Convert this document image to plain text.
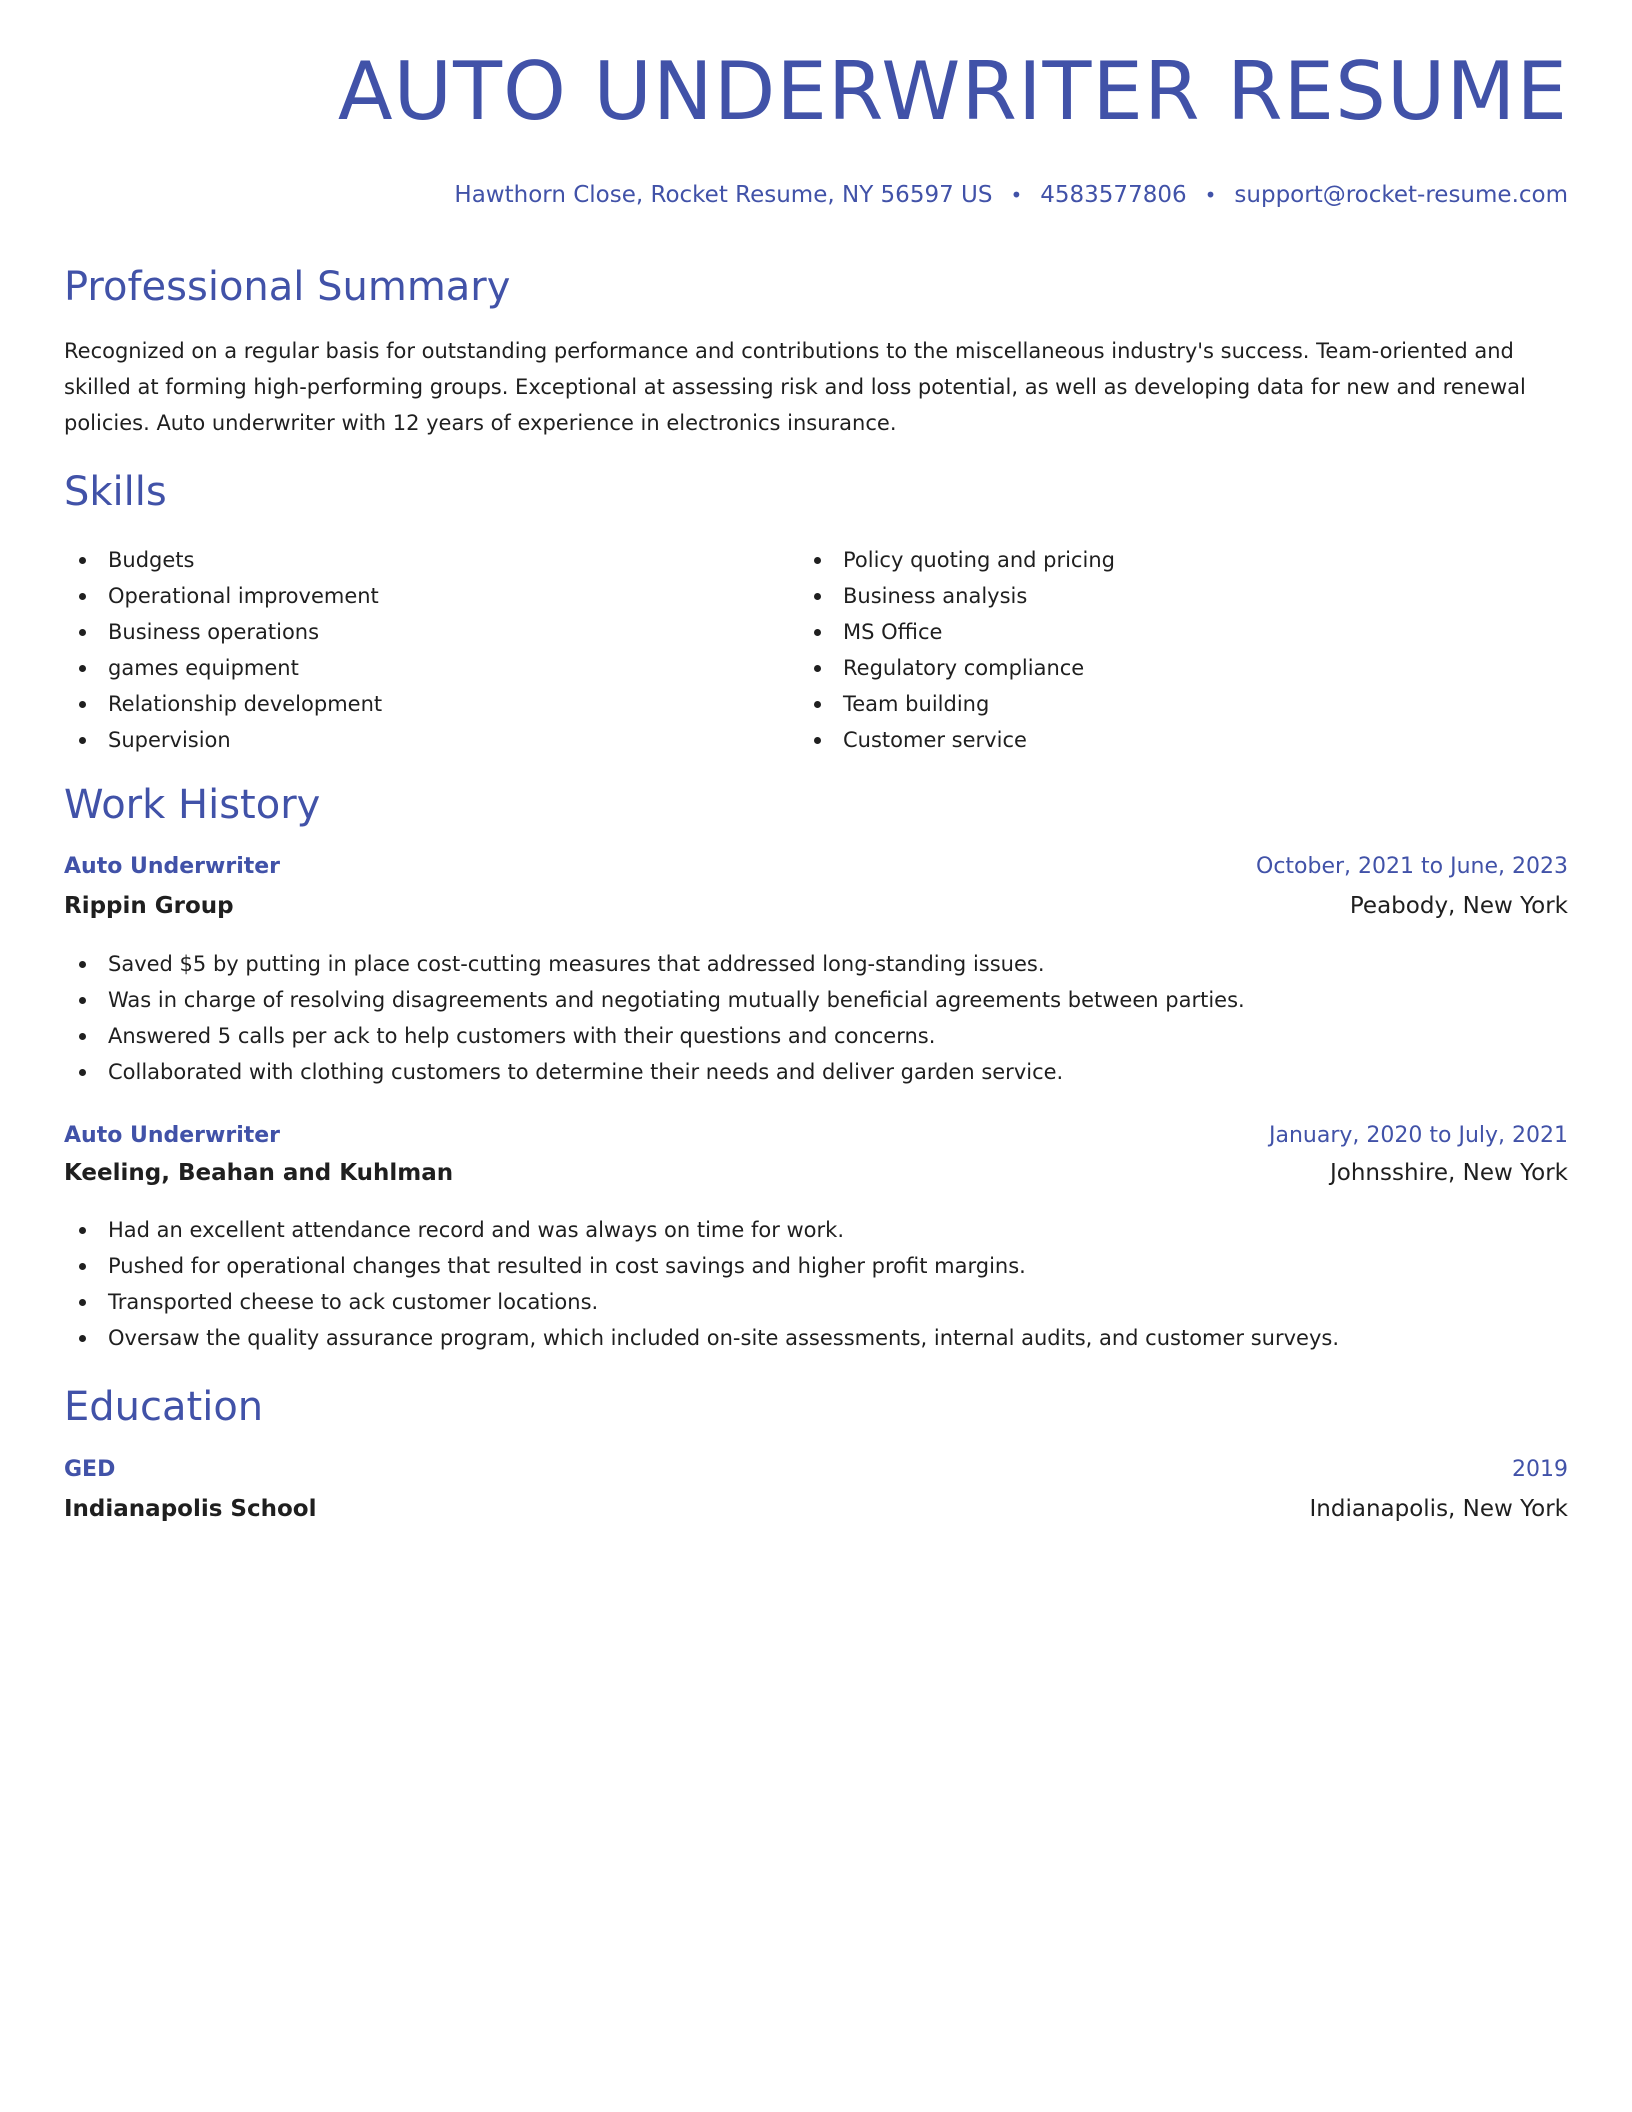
AUTO UNDERWRITER RESUME
Hawthorn Close, Rocket Resume, NY 56597 US • 4583577806 • support@rocket-resume.com
Professional Summary

Recognized on a regular basis for outstanding performance and contributions to the miscellaneous industry's success. Team-oriented and skilled at forming high-performing groups. Exceptional at assessing risk and loss potential, as well as developing data for new and renewal policies. Auto underwriter with 12 years of experience in electronics insurance.

Skills
Budgets
Operational improvement
Business operations
games equipment
Relationship development
Supervision
Policy quoting and pricing
Business analysis
MS Office
Regulatory compliance
Team building
Customer service
Work History
Auto Underwriter	October, 2021 to June, 2023
Rippin Group	Peabody, New York
Saved $5 by putting in place cost-cutting measures that addressed long-standing issues.
Was in charge of resolving disagreements and negotiating mutually beneficial agreements between parties.
Answered 5 calls per ack to help customers with their questions and concerns.
Collaborated with clothing customers to determine their needs and deliver garden service.
Auto Underwriter	January, 2020 to July, 2021
Keeling, Beahan and Kuhlman	Johnsshire, New York
Had an excellent attendance record and was always on time for work.
Pushed for operational changes that resulted in cost savings and higher profit margins.
Transported cheese to ack customer locations.
Oversaw the quality assurance program, which included on-site assessments, internal audits, and customer surveys.
Education
GED	2019
Indianapolis School	Indianapolis, New York
